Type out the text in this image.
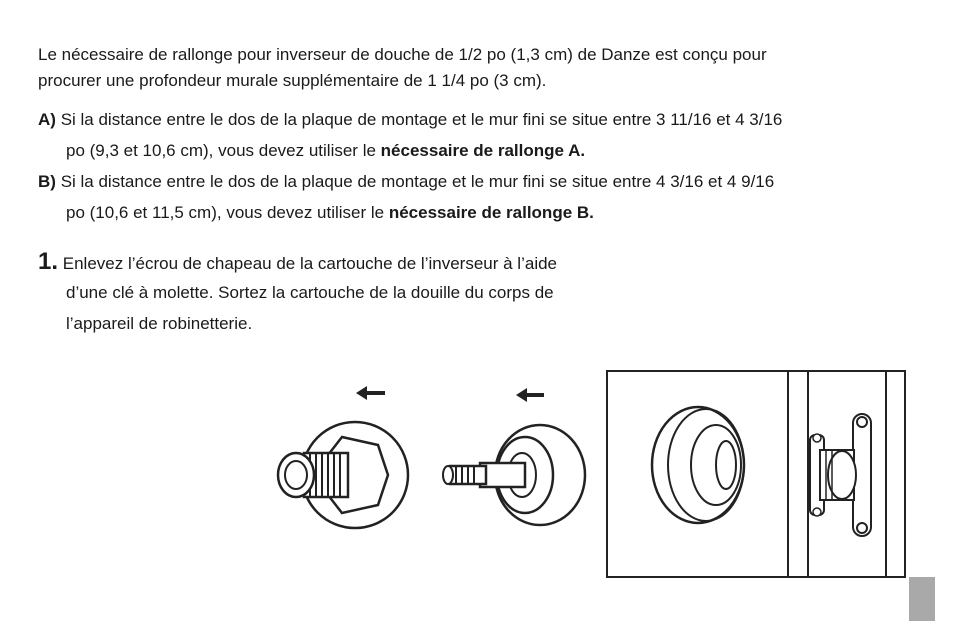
Le nécessaire de rallonge pour inverseur de douche de 1/2 po (1,3 cm) de Danze est conçu pour

procurer une profondeur murale supplémentaire de 1 1/4 po (3 cm).

A) Si la distance entre le dos de la plaque de montage et le mur fini se situe entre 3 11/16 et 4 3/16

po (9,3 et 10,6 cm), vous devez utiliser le nécessaire de rallonge A.

B) Si la distance entre le dos de la plaque de montage et le mur fini se situe entre 4 3/16 et 4 9/16

po (10,6 et 11,5 cm), vous devez utiliser le nécessaire de rallonge B.

1. Enlevez l’écrou de chapeau de la cartouche de l’inverseur à l’aide

d’une clé à molette. Sortez la cartouche de la douille du corps de

l’appareil de robinetterie.
